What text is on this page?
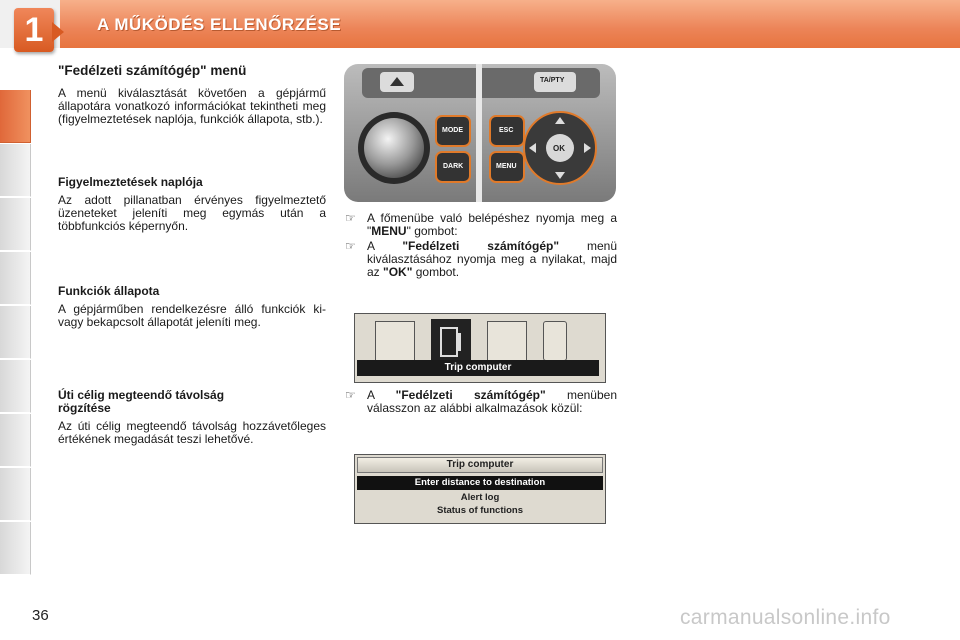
1	A MŰKÖDÉS ELLENŐRZÉSE
"Fedélzeti számítógép" menü

A menü kiválasztását követően a gépjármű állapotára vonatkozó információkat tekintheti meg (figyelmeztetések naplója, funkciók állapota, stb.).

Figyelmeztetések naplója

Az adott pillanatban érvényes figyelmeztető üzeneteket jeleníti meg egymás után a többfunkciós képernyőn.

Funkciók állapota

A gépjárműben rendelkezésre álló funkciók ki- vagy bekapcsolt állapotát jeleníti meg.

Úti célig megteendő távolság rögzítése

Az úti célig megteendő távolság hozzávetőleges értékének megadását teszi lehetővé.

TA/PTY
MODE
DARK
ESC
MENU
OK
☞ A főmenübe való belépéshez nyomja meg a "MENU" gombot:
☞ A "Fedélzeti számítógép" menü kiválasztásához nyomja meg a nyilakat, majd az "OK" gombot.
Trip computer
☞ A "Fedélzeti számítógép" menüben válasszon az alábbi alkalmazások közül:
Trip computer
Enter distance to destination
Alert log
Status of functions
36	carmanualsonline.info
